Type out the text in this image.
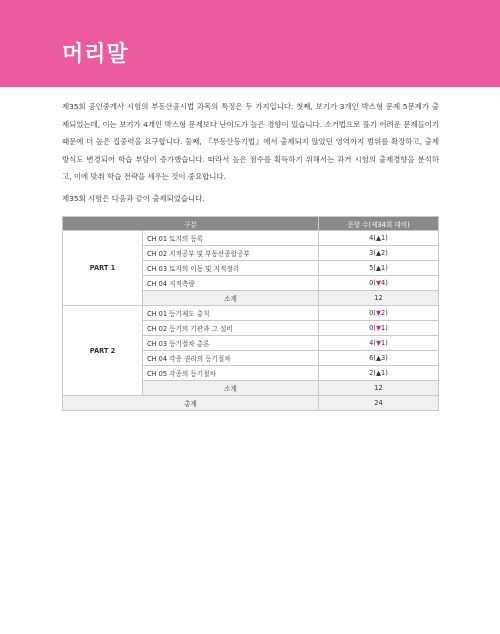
머리말

제35회 공인중개사 시험의 부동산공시법 과목의 특징은 두 가지입니다. 첫째, 보기가 3개인 박스형 문제 5문제가 출제되었는데, 이는 보기가 4개인 박스형 문제보다 난이도가 높은 경향이 있습니다. 소거법으로 풀기 어려운 문제들이기 때문에 더 높은 집중력을 요구합니다. 둘째, 『부동산등기법』에서 출제되지 않았던 영역까지 범위를 확장하고, 출제방식도 변경되어 학습 부담이 증가했습니다. 따라서 높은 점수를 획득하기 위해서는 과거 시험의 출제경향을 분석하고, 이에 맞춰 학습 전략을 세우는 것이 중요합니다.

제35회 시험은 다음과 같이 출제되었습니다.

구분		문항 수(제34회 대비)
PART 1	CH 01 토지의 등록	4(▲1)
	CH 02 지적공부 및 부동산종합공부	3(▲2)
	CH 03 토지의 이동 및 지적정리	5(▲1)
	CH 04 지적측량	0(▼4)
	소계	12
PART 2	CH 01 등기제도 총칙	0(▼2)
	CH 02 등기의 기관과 그 설비	0(▼1)
	CH 03 등기절차 총론	4(▼1)
	CH 04 각종 권리의 등기절차	6(▲3)
	CH 05 각종의 등기절차	2(▲1)
	소계	12
총계		24
